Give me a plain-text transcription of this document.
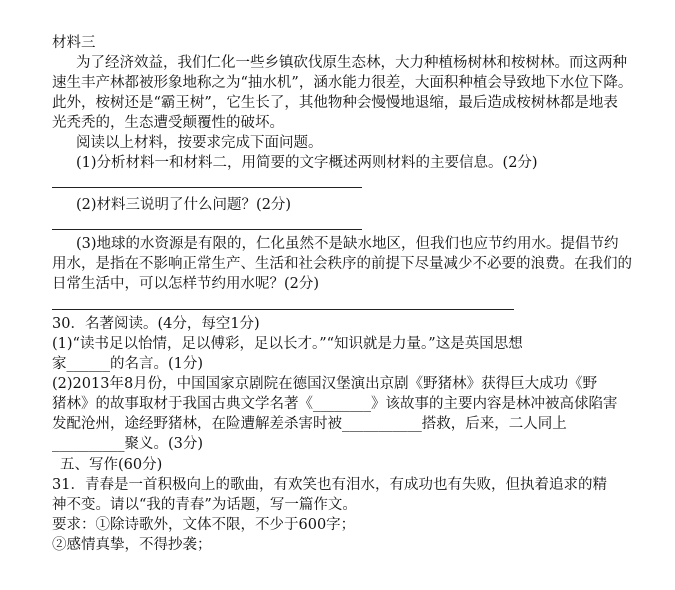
材料三
为了经济效益，我们仁化一些乡镇砍伐原生态林，大力种植杨树林和桉树林。而这两种
速生丰产林都被形象地称之为“抽水机”，涵水能力很差，大面积种植会导致地下水位下降。
此外，桉树还是“霸王树”，它生长了，其他物种会慢慢地退缩，最后造成桉树林都是地表
光秃秃的，生态遭受颠覆性的破坏。
阅读以上材料，按要求完成下面问题。
(1)分析材料一和材料二，用简要的文字概述两则材料的主要信息。(2分)
(2)材料三说明了什么问题？(2分)
(3)地球的水资源是有限的，仁化虽然不是缺水地区，但我们也应节约用水。提倡节约
用水，是指在不影响正常生产、生活和社会秩序的前提下尽量减少不必要的浪费。在我们的
日常生活中，可以怎样节约用水呢？(2分)
30．名著阅读。(4分，每空1分)
(1)“读书足以怡情，足以傅彩，足以长才。”“知识就是力量。”这是英国思想
家______的名言。(1分)
(2)2013年8月份，中国国家京剧院在德国汉堡演出京剧《野猪林》获得巨大成功《野
猪林》的故事取材于我国古典文学名著《________》该故事的主要内容是林冲被高俅陷害
发配沧州，途经野猪林，在险遭解差杀害时被___________搭救，后来，二人同上
__________聚义。(3分)
五、写作(60分)
31．青春是一首积极向上的歌曲，有欢笑也有泪水，有成功也有失败，但执着追求的精
神不变。请以“我的青春”为话题，写一篇作文。
要求：①除诗歌外，文体不限，不少于600字；
②感情真挚，不得抄袭；
